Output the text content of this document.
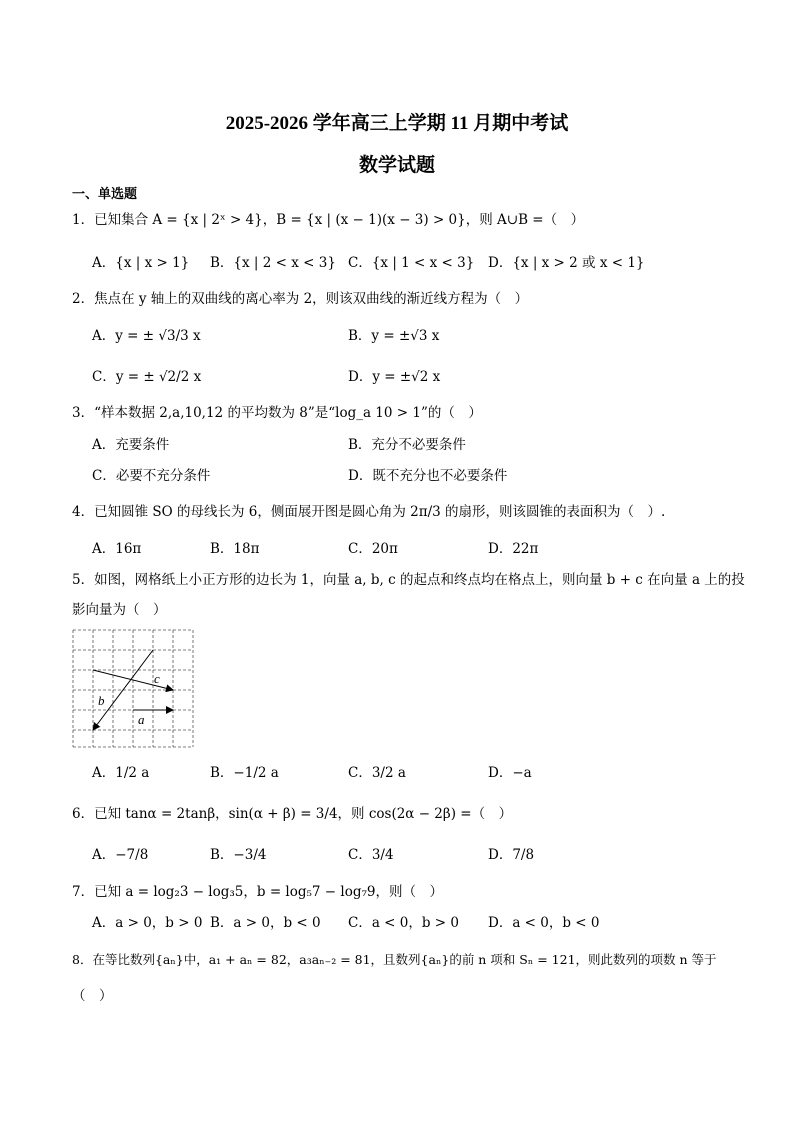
2025-2026 学年高三上学期 11 月期中考试
数学试题
一、单选题
1．已知集合 A = {x | 2ˣ > 4}，B = {x | (x − 1)(x − 3) > 0}，则 A∪B =（　）
A．{x | x > 1} B．{x | 2 < x < 3} C．{x | 1 < x < 3} D．{x | x > 2 或 x < 1}
2．焦点在 y 轴上的双曲线的离心率为 2，则该双曲线的渐近线方程为（　）
A．y = ± √3/3 x	B．y = ±√3 x
C．y = ± √2/2 x	D．y = ±√2 x
3．“样本数据 2,a,10,12 的平均数为 8”是“log_a 10 > 1”的（　）
A．充要条件	B．充分不必要条件
C．必要不充分条件	D．既不充分也不必要条件
4．已知圆锥 SO 的母线长为 6，侧面展开图是圆心角为 2π/3 的扇形，则该圆锥的表面积为（　）.
A．16π	B．18π	C．20π	D．22π
5．如图，网格纸上小正方形的边长为 1，向量 a, b, c 的起点和终点均在格点上，则向量 b + c 在向量 a 上的投
影向量为（　）
b
c
a
A．1/2 a	B．−1/2 a	C．3/2 a	D．−a
6．已知 tanα = 2tanβ，sin(α + β) = 3/4，则 cos(2α − 2β) =（　）
A．−7/8	B．−3/4	C．3/4	D．7/8
7．已知 a = log₂3 − log₃5，b = log₅7 − log₇9，则（　）
A．a > 0，b > 0 B．a > 0，b < 0 C．a < 0，b > 0 D．a < 0，b < 0
8．在等比数列{aₙ}中，a₁ + aₙ = 82，a₃aₙ₋₂ = 81，且数列{aₙ}的前 n 项和 Sₙ = 121，则此数列的项数 n 等于
（　）
